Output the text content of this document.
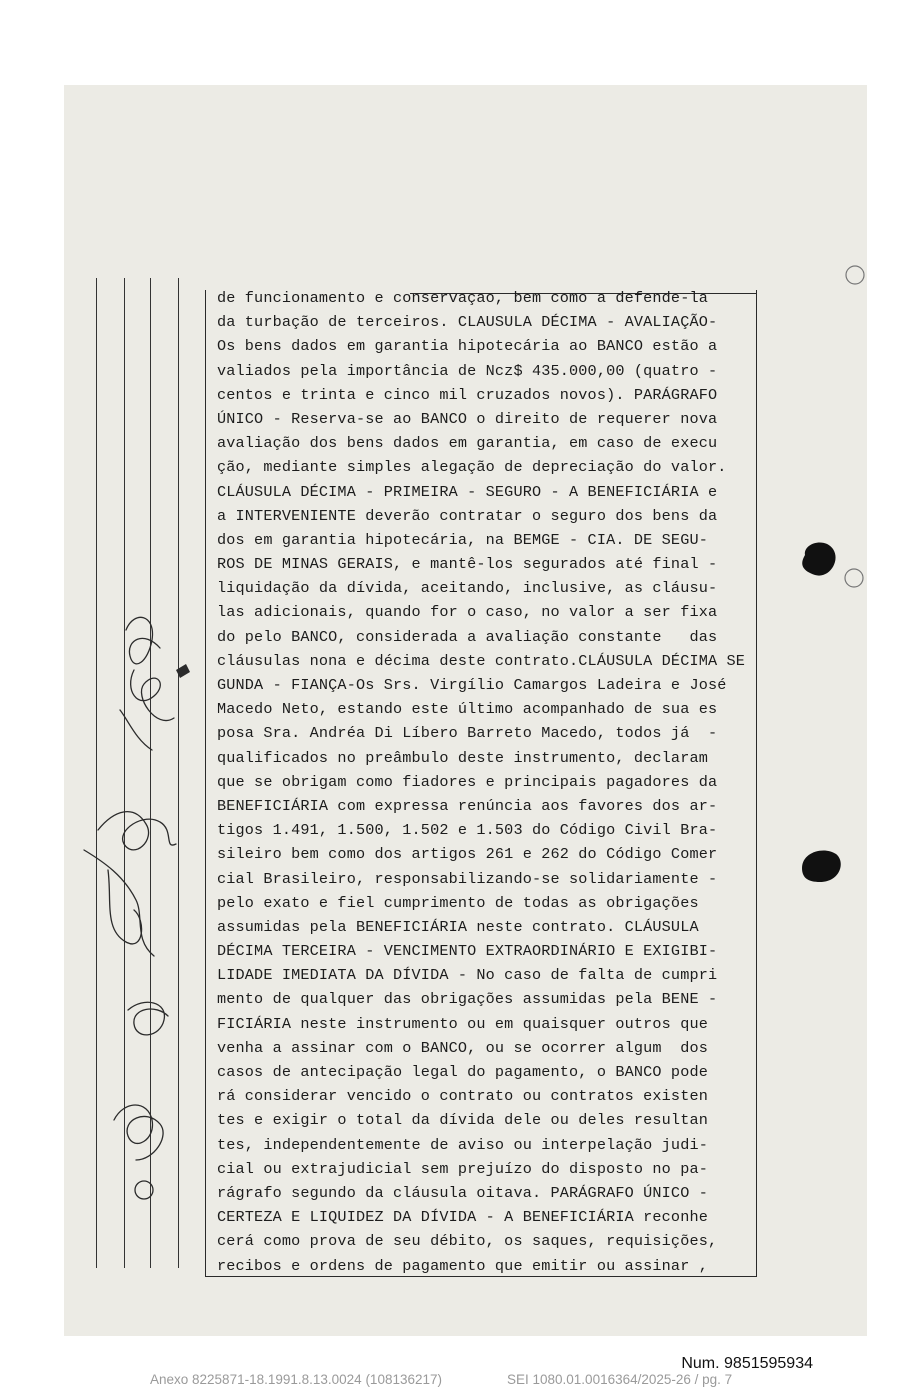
de funcionamento e conservaçao, bem como a defende-la
da turbação de terceiros. CLAUSULA DÉCIMA - AVALIAÇÃO-
Os bens dados em garantia hipotecária ao BANCO estão a
valiados pela importância de Ncz$ 435.000,00 (quatro -
centos e trinta e cinco mil cruzados novos). PARÁGRAFO
ÚNICO - Reserva-se ao BANCO o direito de requerer nova
avaliação dos bens dados em garantia, em caso de execu
ção, mediante simples alegação de depreciação do valor.
CLÁUSULA DÉCIMA - PRIMEIRA - SEGURO - A BENEFICIÁRIA e
a INTERVENIENTE deverão contratar o seguro dos bens da
dos em garantia hipotecária, na BEMGE - CIA. DE SEGU-
ROS DE MINAS GERAIS, e mantê-los segurados até final -
liquidação da dívida, aceitando, inclusive, as cláusu-
las adicionais, quando for o caso, no valor a ser fixa
do pelo BANCO, considerada a avaliação constante   das
cláusulas nona e décima deste contrato.CLÁUSULA DÉCIMA SE
GUNDA - FIANÇA-Os Srs. Virgílio Camargos Ladeira e José
Macedo Neto, estando este último acompanhado de sua es
posa Sra. Andréa Di Líbero Barreto Macedo, todos já  -
qualificados no preâmbulo deste instrumento, declaram
que se obrigam como fiadores e principais pagadores da
BENEFICIÁRIA com expressa renúncia aos favores dos ar-
tigos 1.491, 1.500, 1.502 e 1.503 do Código Civil Bra-
sileiro bem como dos artigos 261 e 262 do Código Comer
cial Brasileiro, responsabilizando-se solidariamente -
pelo exato e fiel cumprimento de todas as obrigações
assumidas pela BENEFICIÁRIA neste contrato. CLÁUSULA
DÉCIMA TERCEIRA - VENCIMENTO EXTRAORDINÁRIO E EXIGIBI-
LIDADE IMEDIATA DA DÍVIDA - No caso de falta de cumpri
mento de qualquer das obrigações assumidas pela BENE -
FICIÁRIA neste instrumento ou em quaisquer outros que
venha a assinar com o BANCO, ou se ocorrer algum  dos
casos de antecipação legal do pagamento, o BANCO pode
rá considerar vencido o contrato ou contratos existen
tes e exigir o total da dívida dele ou deles resultan
tes, independentemente de aviso ou interpelação judi-
cial ou extrajudicial sem prejuízo do disposto no pa-
rágrafo segundo da cláusula oitava. PARÁGRAFO ÚNICO -
CERTEZA E LIQUIDEZ DA DÍVIDA - A BENEFICIÁRIA reconhe
cerá como prova de seu débito, os saques, requisições,
recibos e ordens de pagamento que emitir ou assinar ,
Num. 9851595934
Anexo 8225871-18.1991.8.13.0024 (108136217)	SEI 1080.01.0016364/2025-26 / pg. 7
